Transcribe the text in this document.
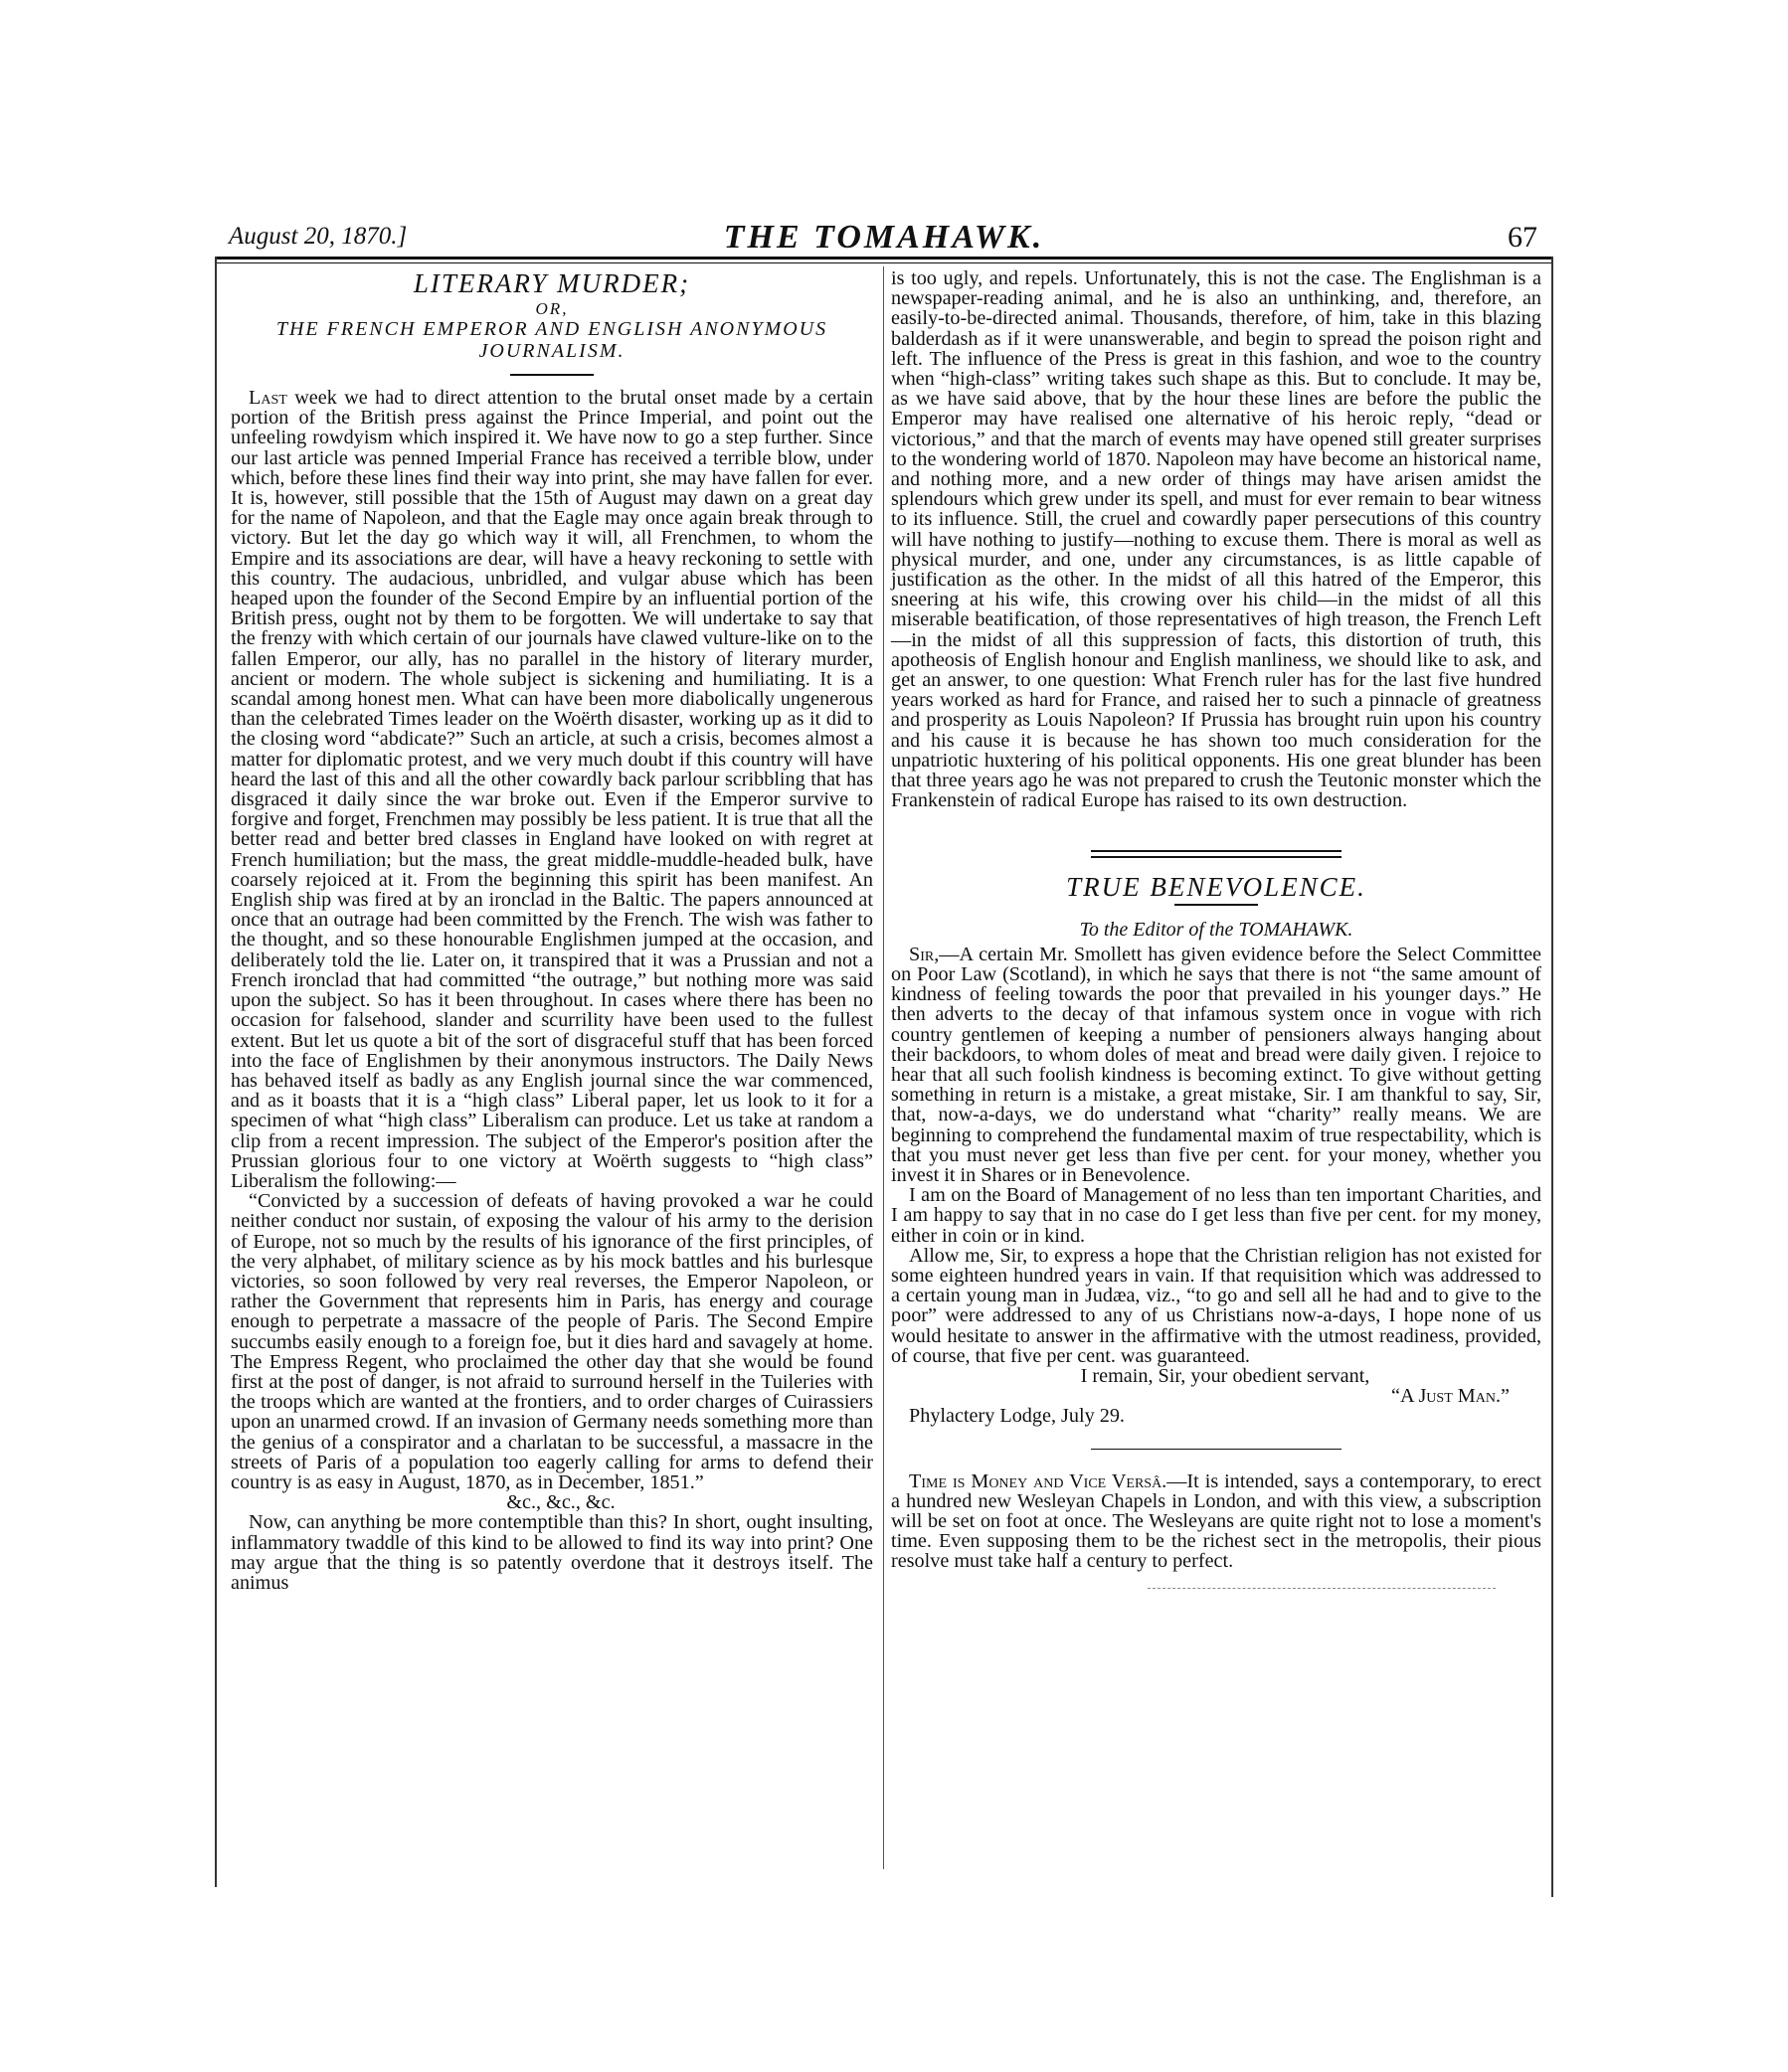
August 20, 1870.]	THE TOMAHAWK.	67
LITERARY MURDER;
OR,
THE FRENCH EMPEROR AND ENGLISH ANONYMOUS JOURNALISM.

Last week we had to direct attention to the brutal onset made by a certain portion of the British press against the Prince Imperial, and point out the unfeeling rowdyism which inspired it. We have now to go a step further. Since our last article was penned Imperial France has received a terrible blow, under which, before these lines find their way into print, she may have fallen for ever. It is, however, still possible that the 15th of August may dawn on a great day for the name of Napoleon, and that the Eagle may once again break through to victory. But let the day go which way it will, all Frenchmen, to whom the Empire and its associations are dear, will have a heavy reckoning to settle with this country. The audacious, unbridled, and vulgar abuse which has been heaped upon the founder of the Second Empire by an influential portion of the British press, ought not by them to be forgotten. We will undertake to say that the frenzy with which certain of our journals have clawed vulture-like on to the fallen Emperor, our ally, has no parallel in the history of literary murder, ancient or modern. The whole subject is sickening and humiliating. It is a scandal among honest men. What can have been more diabolically ungenerous than the celebrated Times leader on the Woërth disaster, working up as it did to the closing word “abdicate?” Such an article, at such a crisis, becomes almost a matter for diplomatic protest, and we very much doubt if this country will have heard the last of this and all the other cowardly back parlour scribbling that has disgraced it daily since the war broke out. Even if the Emperor survive to forgive and forget, Frenchmen may possibly be less patient. It is true that all the better read and better bred classes in England have looked on with regret at French humiliation; but the mass, the great middle-muddle-headed bulk, have coarsely rejoiced at it. From the beginning this spirit has been manifest. An English ship was fired at by an ironclad in the Baltic. The papers announced at once that an outrage had been committed by the French. The wish was father to the thought, and so these honourable Englishmen jumped at the occasion, and deliberately told the lie. Later on, it transpired that it was a Prussian and not a French ironclad that had committed “the outrage,” but nothing more was said upon the subject. So has it been throughout. In cases where there has been no occasion for falsehood, slander and scurrility have been used to the fullest extent. But let us quote a bit of the sort of disgraceful stuff that has been forced into the face of Englishmen by their anonymous instructors. The Daily News has behaved itself as badly as any English journal since the war commenced, and as it boasts that it is a “high class” Liberal paper, let us look to it for a specimen of what “high class” Liberalism can produce. Let us take at random a clip from a recent impression. The subject of the Emperor's position after the Prussian glorious four to one victory at Woërth suggests to “high class” Liberalism the following:—

“Convicted by a succession of defeats of having provoked a war he could neither conduct nor sustain, of exposing the valour of his army to the derision of Europe, not so much by the results of his ignorance of the first principles, of the very alphabet, of military science as by his mock battles and his burlesque victories, so soon followed by very real reverses, the Emperor Napoleon, or rather the Government that represents him in Paris, has energy and courage enough to perpetrate a massacre of the people of Paris. The Second Empire succumbs easily enough to a foreign foe, but it dies hard and savagely at home. The Empress Regent, who proclaimed the other day that she would be found first at the post of danger, is not afraid to surround herself in the Tuileries with the troops which are wanted at the frontiers, and to order charges of Cuirassiers upon an unarmed crowd. If an invasion of Germany needs something more than the genius of a conspirator and a charlatan to be successful, a massacre in the streets of Paris of a population too eagerly calling for arms to defend their country is as easy in August, 1870, as in December, 1851.”

&c., &c., &c.

Now, can anything be more contemptible than this? In short, ought insulting, inflammatory twaddle of this kind to be allowed to find its way into print? One may argue that the thing is so patently overdone that it destroys itself. The animus

is too ugly, and repels. Unfortunately, this is not the case. The Englishman is a newspaper-reading animal, and he is also an unthinking, and, therefore, an easily-to-be-directed animal. Thousands, therefore, of him, take in this blazing balderdash as if it were unanswerable, and begin to spread the poison right and left. The influence of the Press is great in this fashion, and woe to the country when “high-class” writing takes such shape as this. But to conclude. It may be, as we have said above, that by the hour these lines are before the public the Emperor may have realised one alternative of his heroic reply, “dead or victorious,” and that the march of events may have opened still greater surprises to the wondering world of 1870. Napoleon may have become an historical name, and nothing more, and a new order of things may have arisen amidst the splendours which grew under its spell, and must for ever remain to bear witness to its influence. Still, the cruel and cowardly paper persecutions of this country will have nothing to justify—nothing to excuse them. There is moral as well as physical murder, and one, under any circumstances, is as little capable of justification as the other. In the midst of all this hatred of the Emperor, this sneering at his wife, this crowing over his child—in the midst of all this miserable beatification, of those representatives of high treason, the French Left—in the midst of all this suppression of facts, this distortion of truth, this apotheosis of English honour and English manliness, we should like to ask, and get an answer, to one question: What French ruler has for the last five hundred years worked as hard for France, and raised her to such a pinnacle of greatness and prosperity as Louis Napoleon? If Prussia has brought ruin upon his country and his cause it is because he has shown too much consideration for the unpatriotic huxtering of his political opponents. His one great blunder has been that three years ago he was not prepared to crush the Teutonic monster which the Frankenstein of radical Europe has raised to its own destruction.

TRUE BENEVOLENCE.
To the Editor of the TOMAHAWK.

Sir,—A certain Mr. Smollett has given evidence before the Select Committee on Poor Law (Scotland), in which he says that there is not “the same amount of kindness of feeling towards the poor that prevailed in his younger days.” He then adverts to the decay of that infamous system once in vogue with rich country gentlemen of keeping a number of pensioners always hanging about their backdoors, to whom doles of meat and bread were daily given. I rejoice to hear that all such foolish kindness is becoming extinct. To give without getting something in return is a mistake, a great mistake, Sir. I am thankful to say, Sir, that, now-a-days, we do understand what “charity” really means. We are beginning to comprehend the fundamental maxim of true respectability, which is that you must never get less than five per cent. for your money, whether you invest it in Shares or in Benevolence.

I am on the Board of Management of no less than ten important Charities, and I am happy to say that in no case do I get less than five per cent. for my money, either in coin or in kind.

Allow me, Sir, to express a hope that the Christian religion has not existed for some eighteen hundred years in vain. If that requisition which was addressed to a certain young man in Judæa, viz., “to go and sell all he had and to give to the poor” were addressed to any of us Christians now-a-days, I hope none of us would hesitate to answer in the affirmative with the utmost readiness, provided, of course, that five per cent. was guaranteed.

I remain, Sir, your obedient servant,

“A Just Man.”

Phylactery Lodge, July 29.

Time is Money and Vice Versâ.—It is intended, says a contemporary, to erect a hundred new Wesleyan Chapels in London, and with this view, a subscription will be set on foot at once. The Wesleyans are quite right not to lose a moment's time. Even supposing them to be the richest sect in the metropolis, their pious resolve must take half a century to perfect.
